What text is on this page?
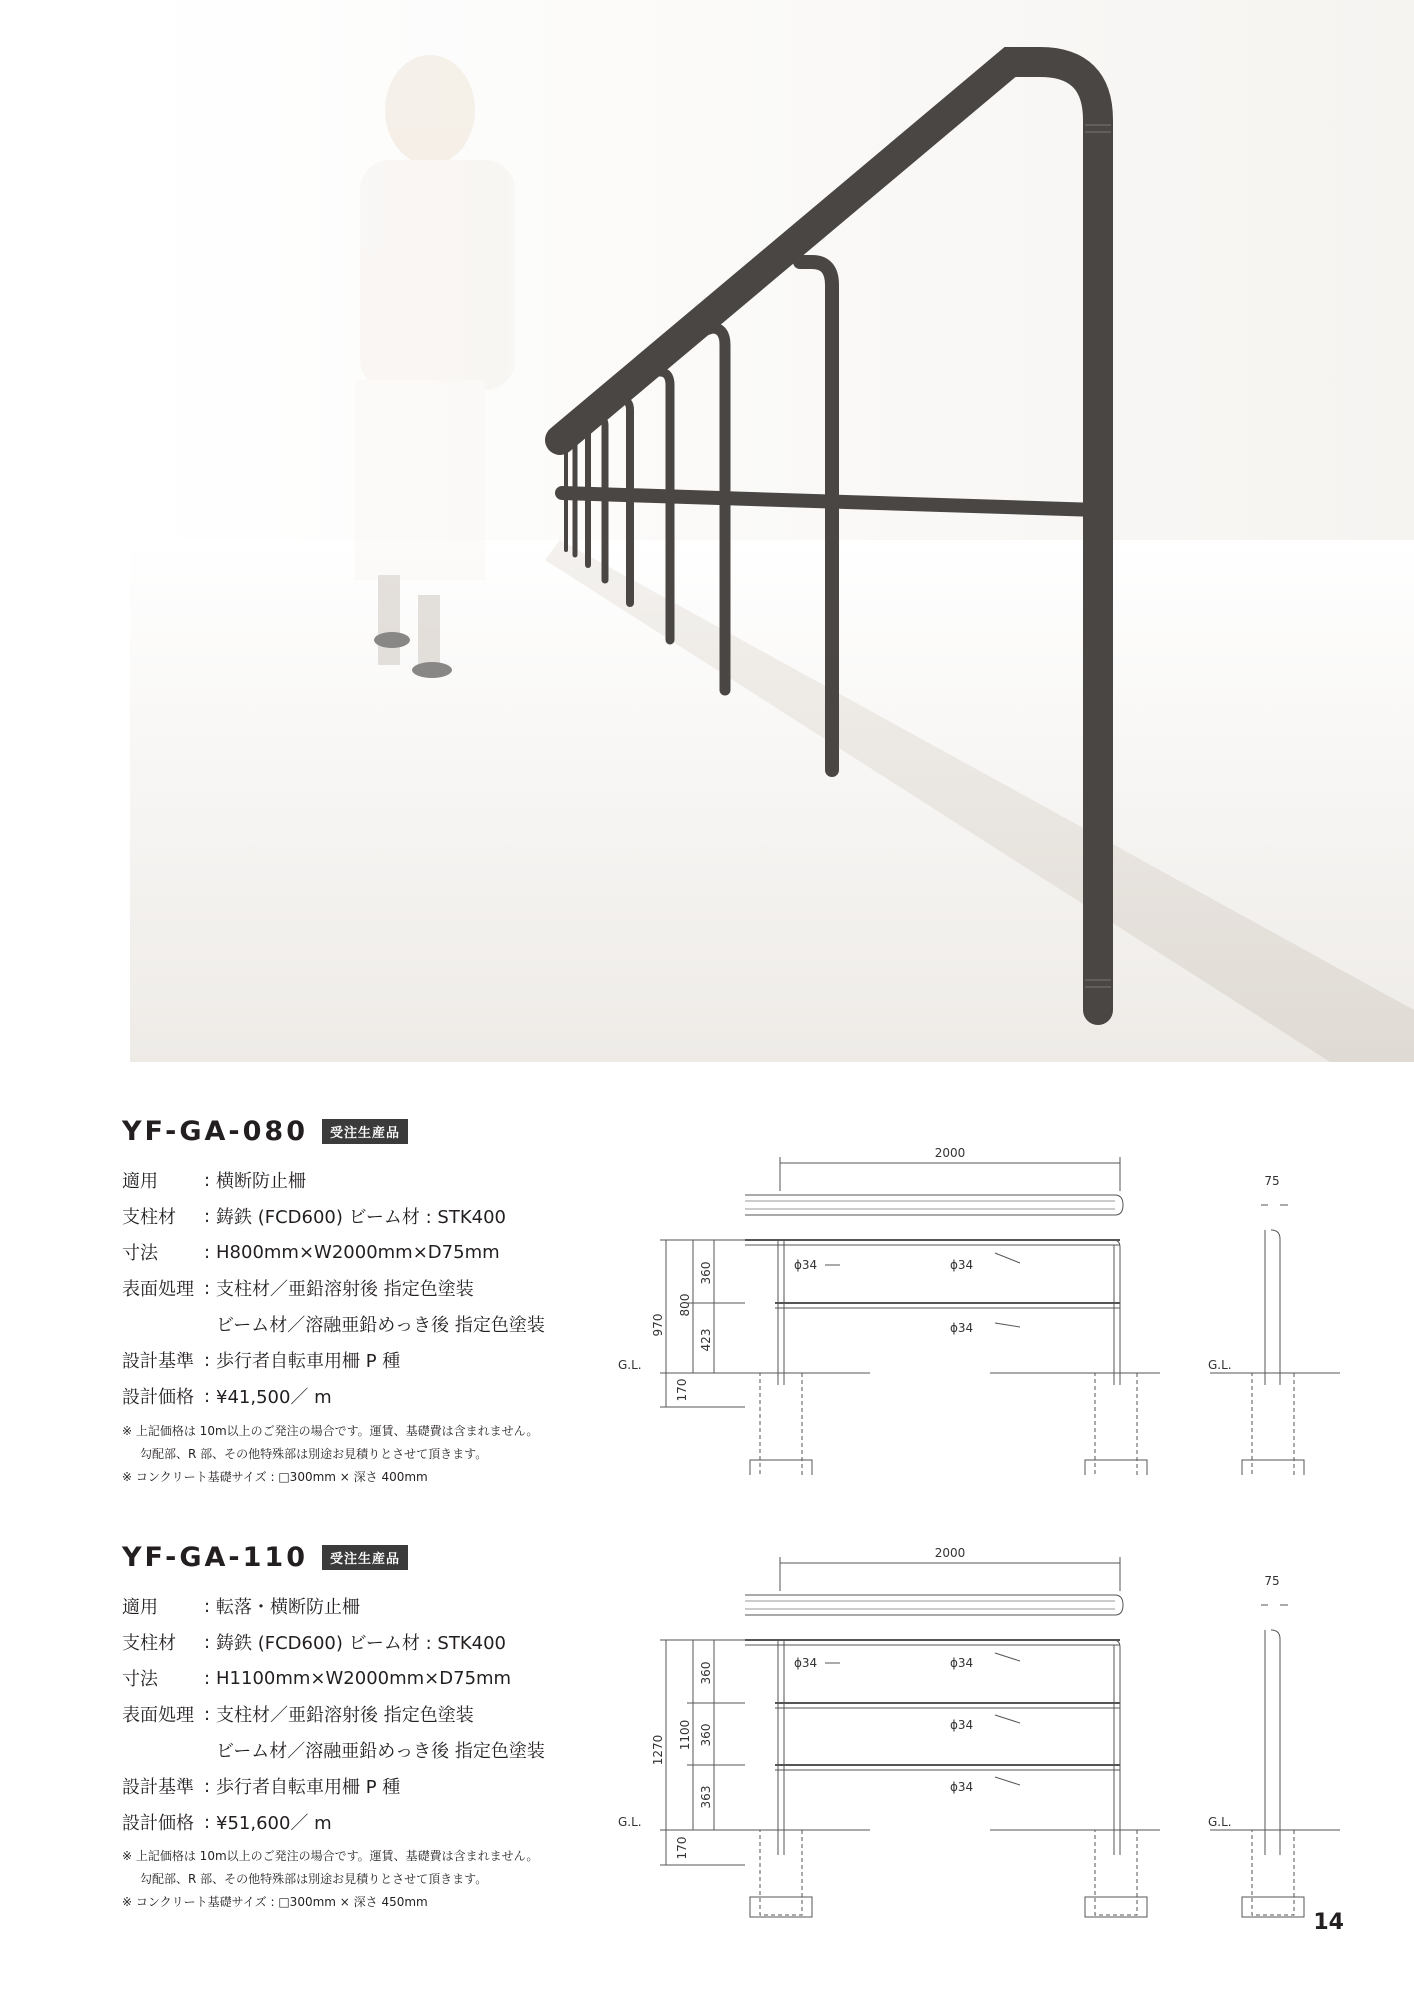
YF-GA-080	受注生産品
適用	: 横断防止柵
支柱材	: 鋳鉄 (FCD600) ビーム材 : STK400
寸法	: H800mm×W2000mm×D75mm
表面処理 : 支柱材／亜鉛溶射後 指定色塗装
ビーム材／溶融亜鉛めっき後 指定色塗装
設計基準 : 歩行者自転車用柵 P 種
設計価格 : ¥41,500／ m
※ 上記価格は 10m以上のご発注の場合です。運賃、基礎費は含まれません。
勾配部、R 部、その他特殊部は別途お見積りとさせて頂きます。
※ コンクリート基礎サイズ : □300mm × 深さ 400mm
2000
75
970
800
360
423
170
ϕ34	ϕ34
ϕ34
G.L.	G.L.
YF-GA-110	受注生産品
適用	: 転落・横断防止柵
支柱材	: 鋳鉄 (FCD600) ビーム材 : STK400
寸法	: H1100mm×W2000mm×D75mm
表面処理 : 支柱材／亜鉛溶射後 指定色塗装
ビーム材／溶融亜鉛めっき後 指定色塗装
設計基準 : 歩行者自転車用柵 P 種
設計価格 : ¥51,600／ m
※ 上記価格は 10m以上のご発注の場合です。運賃、基礎費は含まれません。
勾配部、R 部、その他特殊部は別途お見積りとさせて頂きます。
※ コンクリート基礎サイズ : □300mm × 深さ 450mm
2000
75
1270 1100
360
360
363
170
ϕ34	ϕ34
ϕ34
ϕ34
G.L.	G.L.
14
